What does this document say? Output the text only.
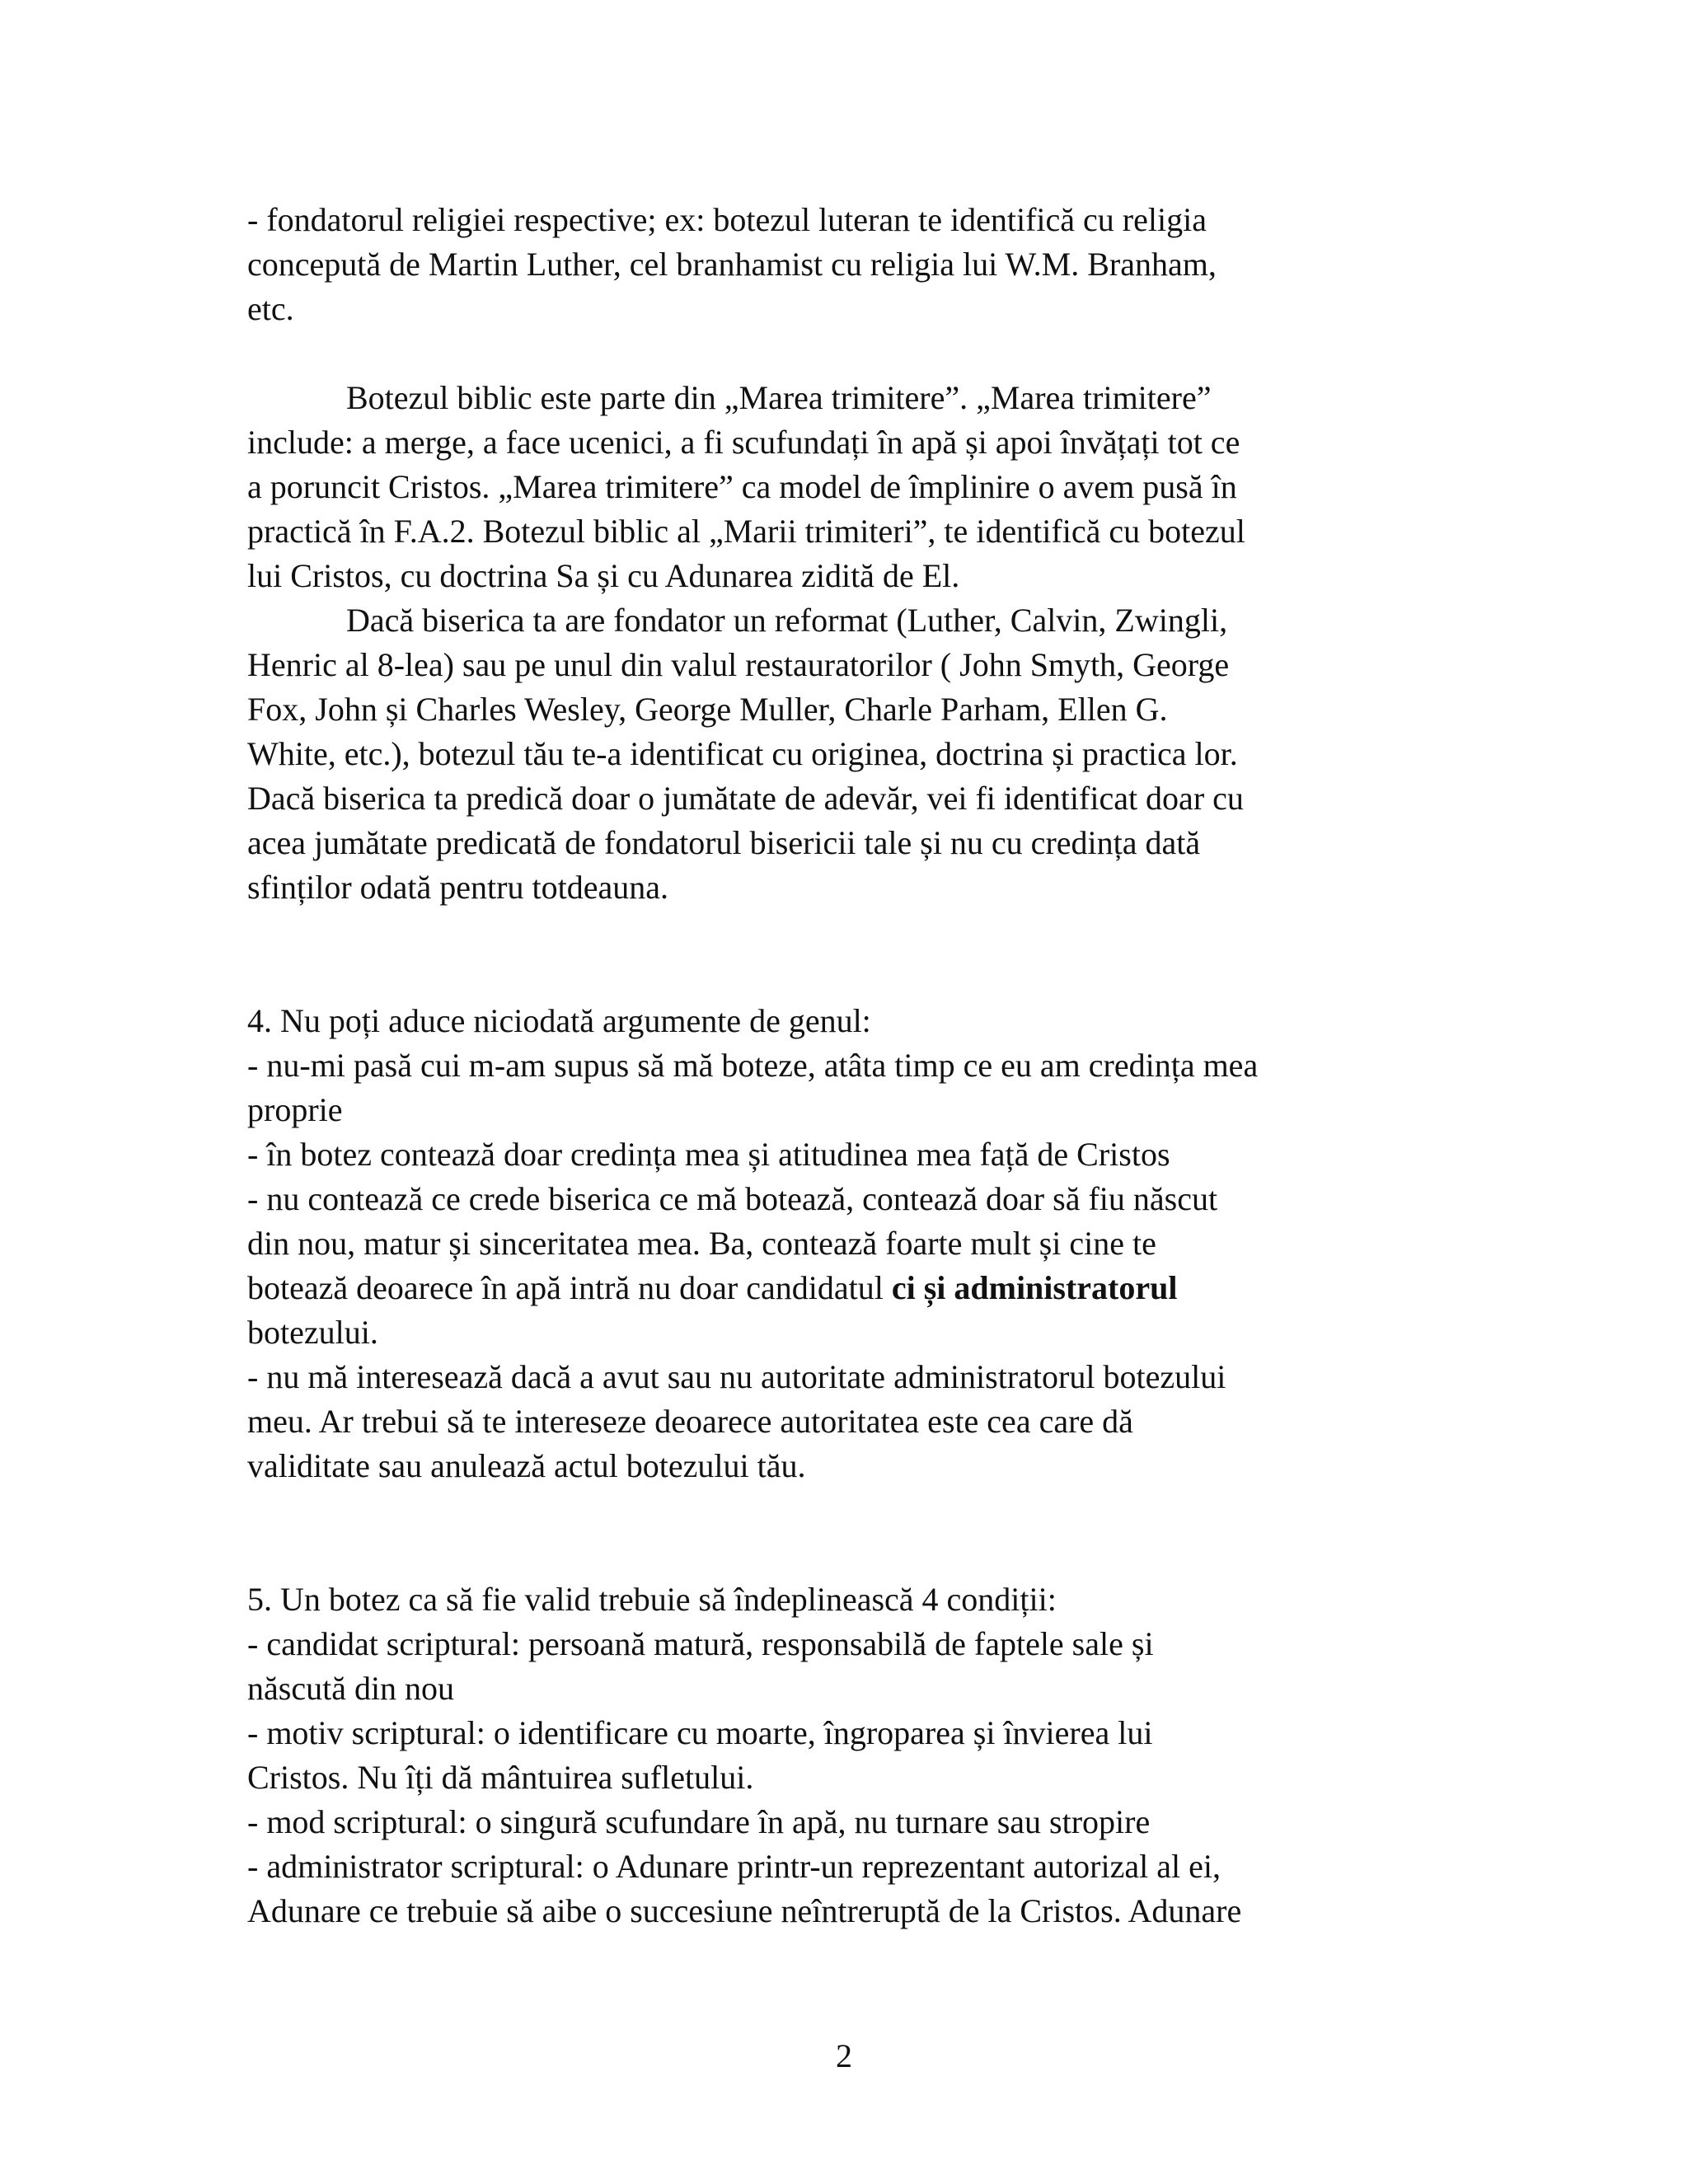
- fondatorul religiei respective; ex: botezul luteran te identifică cu religia
concepută de Martin Luther, cel branhamist cu religia lui W.M. Branham,
etc.
Botezul biblic este parte din „Marea trimitere”. „Marea trimitere”
include: a merge, a face ucenici, a fi scufundați în apă și apoi învățați tot ce
a poruncit Cristos. „Marea trimitere” ca model de împlinire o avem pusă în
practică în F.A.2. Botezul biblic al „Marii trimiteri”, te identifică cu botezul
lui Cristos, cu doctrina Sa și cu Adunarea zidită de El.
Dacă biserica ta are fondator un reformat (Luther, Calvin, Zwingli,
Henric al 8-lea) sau pe unul din valul restauratorilor ( John Smyth, George
Fox, John și Charles Wesley, George Muller, Charle Parham, Ellen G.
White, etc.), botezul tău te-a identificat cu originea, doctrina și practica lor.
Dacă biserica ta predică doar o jumătate de adevăr, vei fi identificat doar cu
acea jumătate predicată de fondatorul bisericii tale și nu cu credința dată
sfinților odată pentru totdeauna.
4. Nu poți aduce niciodată argumente de genul:
- nu-mi pasă cui m-am supus să mă boteze, atâta timp ce eu am credința mea
proprie
- în botez contează doar credința mea și atitudinea mea față de Cristos
- nu contează ce crede biserica ce mă botează, contează doar să fiu născut
din nou, matur și sinceritatea mea. Ba, contează foarte mult și cine te
botează deoarece în apă intră nu doar candidatul ci și administratorul
botezului.
- nu mă interesează dacă a avut sau nu autoritate administratorul botezului
meu. Ar trebui să te intereseze deoarece autoritatea este cea care dă
validitate sau anulează actul botezului tău.
5. Un botez ca să fie valid trebuie să îndeplinească 4 condiții:
- candidat scriptural: persoană matură, responsabilă de faptele sale și
născută din nou
- motiv scriptural: o identificare cu moarte, îngroparea și învierea lui
Cristos. Nu îți dă mântuirea sufletului.
- mod scriptural: o singură scufundare în apă, nu turnare sau stropire
- administrator scriptural: o Adunare printr-un reprezentant autorizal al ei,
Adunare ce trebuie să aibe o succesiune neîntreruptă de la Cristos. Adunare
2
